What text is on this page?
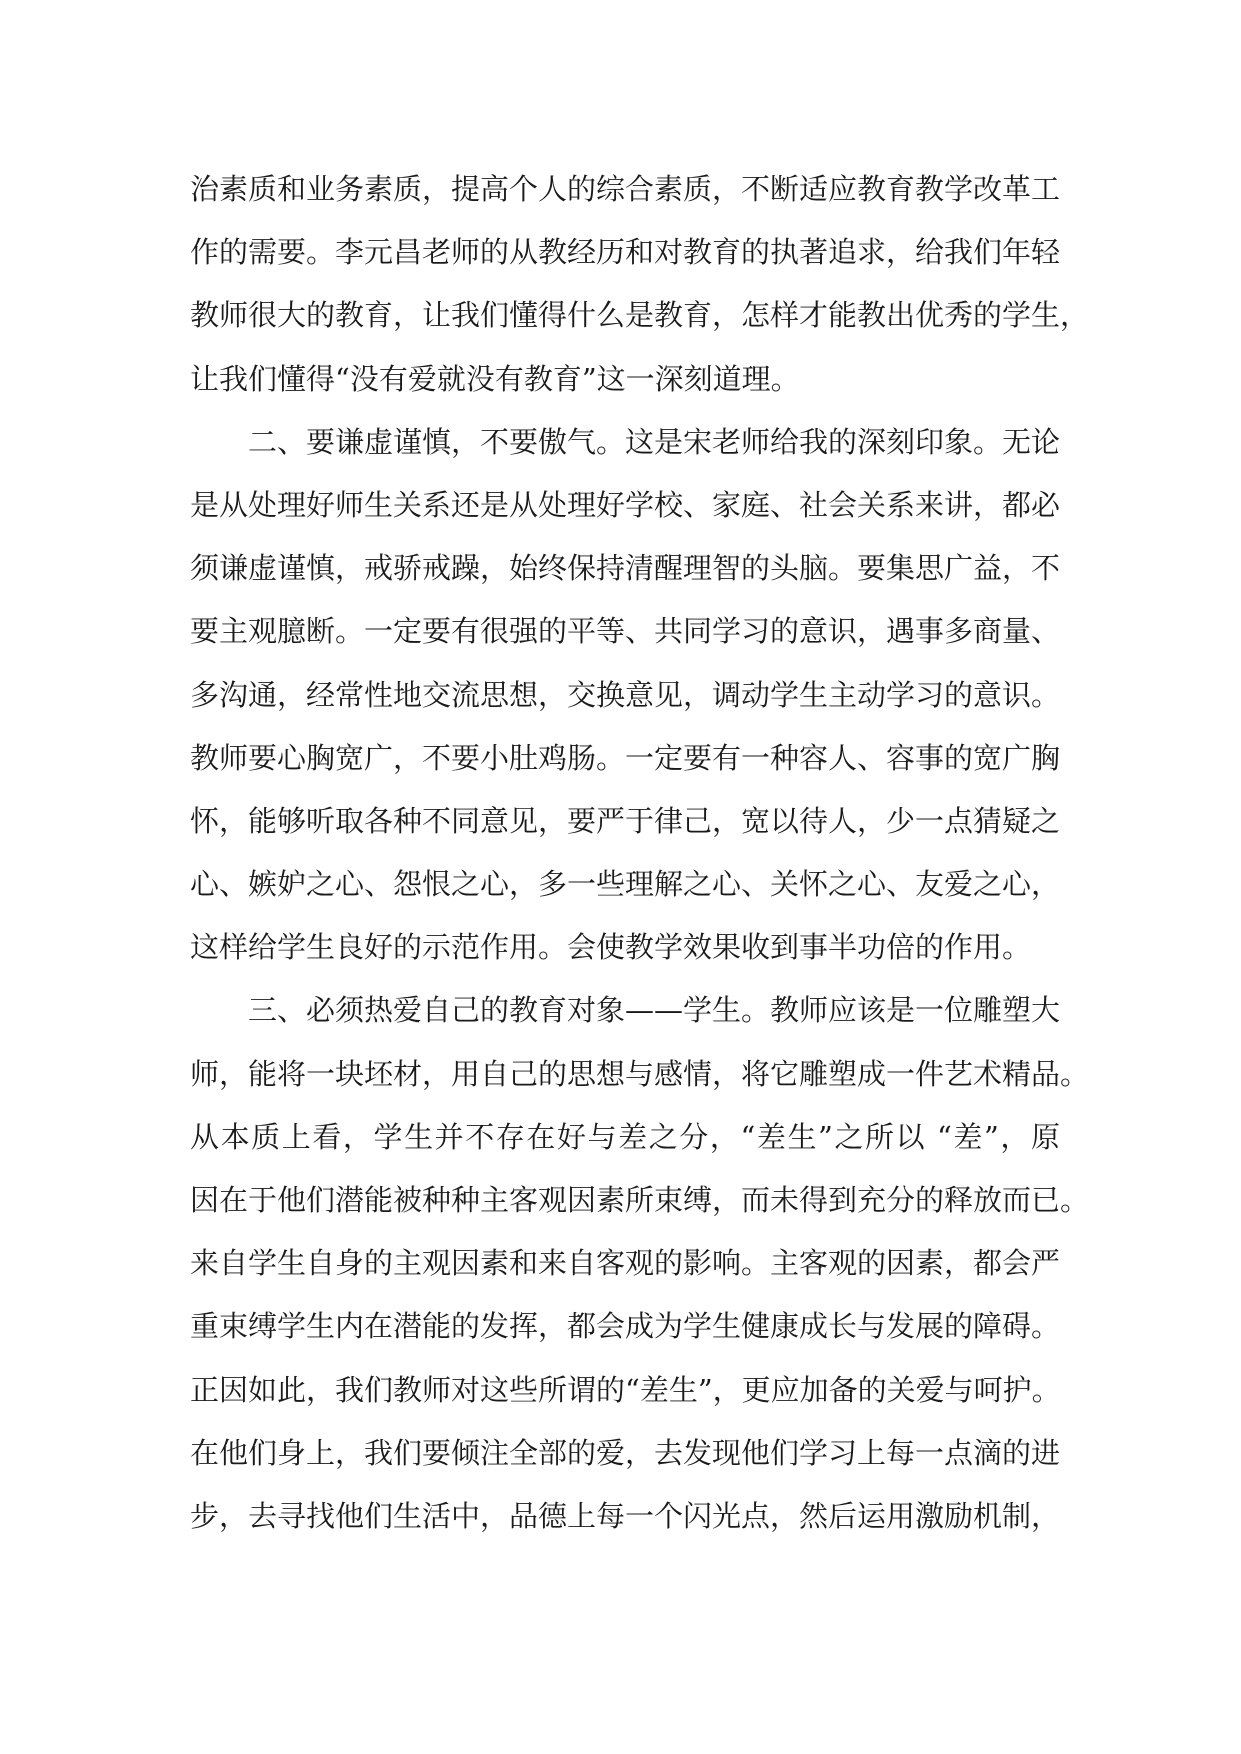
治素质和业务素质，提高个人的综合素质，不断适应教育教学改革工
作的需要。李元昌老师的从教经历和对教育的执著追求，给我们年轻
教师很大的教育，让我们懂得什么是教育，怎样才能教出优秀的学生，
让我们懂得“没有爱就没有教育”这一深刻道理。
二、要谦虚谨慎，不要傲气。这是宋老师给我的深刻印象。无论
是从处理好师生关系还是从处理好学校、家庭、社会关系来讲，都必
须谦虚谨慎，戒骄戒躁，始终保持清醒理智的头脑。要集思广益，不
要主观臆断。一定要有很强的平等、共同学习的意识，遇事多商量、
多沟通，经常性地交流思想，交换意见，调动学生主动学习的意识。
教师要心胸宽广，不要小肚鸡肠。一定要有一种容人、容事的宽广胸
怀，能够听取各种不同意见，要严于律己，宽以待人，少一点猜疑之
心、嫉妒之心、怨恨之心，多一些理解之心、关怀之心、友爱之心，
这样给学生良好的示范作用。会使教学效果收到事半功倍的作用。
三、必须热爱自己的教育对象——学生。教师应该是一位雕塑大
师，能将一块坯材，用自己的思想与感情，将它雕塑成一件艺术精品。
从本质上看，学生并不存在好与差之分，“差生”之所以 “差”，原
因在于他们潜能被种种主客观因素所束缚，而未得到充分的释放而已。
来自学生自身的主观因素和来自客观的影响。主客观的因素，都会严
重束缚学生内在潜能的发挥，都会成为学生健康成长与发展的障碍。
正因如此，我们教师对这些所谓的“差生”，更应加备的关爱与呵护。
在他们身上，我们要倾注全部的爱，去发现他们学习上每一点滴的进
步，去寻找他们生活中，品德上每一个闪光点，然后运用激励机制，
